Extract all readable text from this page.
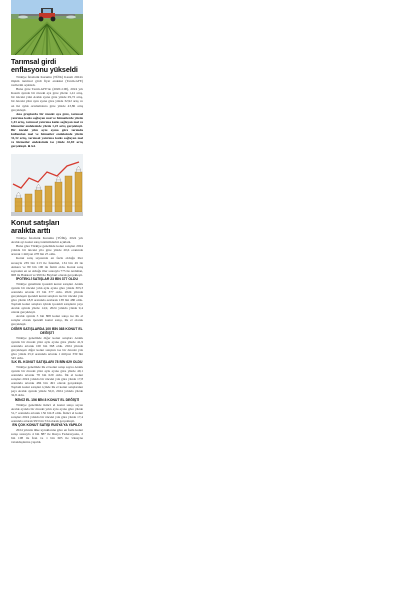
Tarımsal girdi
enflasyonu yükseldi

Türkiye İstatistik Kurumu (TÜİK) Kasım 2024'e ilişkin tarımsal girdi fiyat endeksi (Tarım-GFE) verilerini açıkladı.

Buna göre Tarım-GFE'de (2020=100), 2024 yılı Kasım ayında bir önceki aya göre yüzde 1,41 artış, bir önceki yılın Aralık ayına göre yüzde 29,72 artış, bir önceki yılın aynı ayına göre yüzde 32,92 artış ve on iki aylık ortalamalara göre yüzde 43,86 artış gerçekleşti.

Ana gruplarda bir önceki aya göre, tarımsal yatırıma katkı sağlayan mal ve hizmetlerde yüzde 1,43 artış, tarımsal yatırıma katkı sağlayan mal ve hizmetler endeksinde yüzde 1,25 artış gerçekleşti. Bir önceki yılın aynı ayına göre tarımda kullanılan mal ve hizmetler endeksinde yüzde 31,32 artış, tarımsal yatırıma katkı sağlayan mal ve hizmetler endeksinde ise yüzde 42,69 artış gerçekleşti. ■ AA

Konut satışları
aralıkta arttı

Türkiye İstatistik Kurumu (TÜİK), 2024 yılı Aralık ayı konut satış istatistiklerini açıkladı.

Buna göre Türkiye genelinde konut satışları 2024 yılında bir önceki yıla göre yüzde 20,6 oranında artarak 1 milyon 478 bin 25 oldu.

Konut satış sayısında en fazla olduğu iller sırasıyla 239 bin 213 ile İstanbul, 134 bin 49 ile Ankara ve 80 bin 190 ile İzmir oldu. Konut satış sayısının en az olduğu iller sırasıyla 775 ile Ardahan, 908 ile Hakkari ve 999 ile Bayburt olarak gerçekleşti.

İPOTEKLİ SATIŞLAR 23 BİN 377 OLDU

Türkiye genelinde ipotekli konut satışları Aralık ayında bir önceki yılın aynı ayına göre yüzde 303,3 oranında artarak 23 bin 377 oldu. 2024 yılında gerçekleşen ipotekli konut satışları ise bir önceki yıla göre yüzde 18,8 oranında azalarak 138 bin 480 oldu. Toplam konut satışları içinde ipotekli satışların payı Aralık ayında yüzde 14,9, 2024 yılında yüzde 9,4 olarak gerçekleşti.

Aralık ayında 3 bin 808 konut satışı ise ilk el satışlar olarak ipotekli konut satışı, ilk el olarak gerçekleşti.

DİĞER SATIŞLARDA 100 BİN 368 KONUT EL DEĞİŞTİ

Türkiye genelinde diğer konut satışları Aralık ayında bir önceki yılın aynı ayına göre yüzde 41,9 oranında artarak 100 bin 368 oldu. 2024 yılında gerçekleşen diğer konut satışları ise bir önceki yıla göre yüzde 25,9 oranında artarak 1 milyon 339 bin 545 oldu.

İLK EL KONUT SATIŞLARI 78 BİN 629 OLDU

Türkiye genelinde ilk el konut satışı sayısı Aralık ayında bir önceki yılın aynı ayına göre yüzde 49,1 oranında artarak 78 bin 629 oldu. İlk el konut satışları 2024 yılında bir önceki yıla göre yüzde 17,8 oranında artarak 484 bin 491 olarak gerçekleşti. Toplam konut satışları içinde ilk el konut satışlarının payı Aralık ayında yüzde 50,0, 2024 yılında yüzde 32,8 oldu.

İKİNCİ EL 156 BİN 8 KONUT EL DEĞİŞTİ

Türkiye genelinde ikinci el konut satışı sayısı Aralık ayında bir önceki yılın aynı ayına göre yüzde 51,7 oranında artarak 156 bin 8 oldu. İkinci el konut satışları 2024 yılında bir önceki yıla göre yüzde 17,4 oranında artarak 993 bin 534 olarak gerçekleşti.

EN ÇOK KONUT SATIŞI RUSYA'YA YAPILDI

2024 yılında ülke uyruklarına göre en fazla konut satışı sırasıyla 4 bin 887 ile Rusya Federasyonu, 2 bin 108 ile İran ve 1 bin 605 ile Ukrayna vatandaşlarına yapıldı.
